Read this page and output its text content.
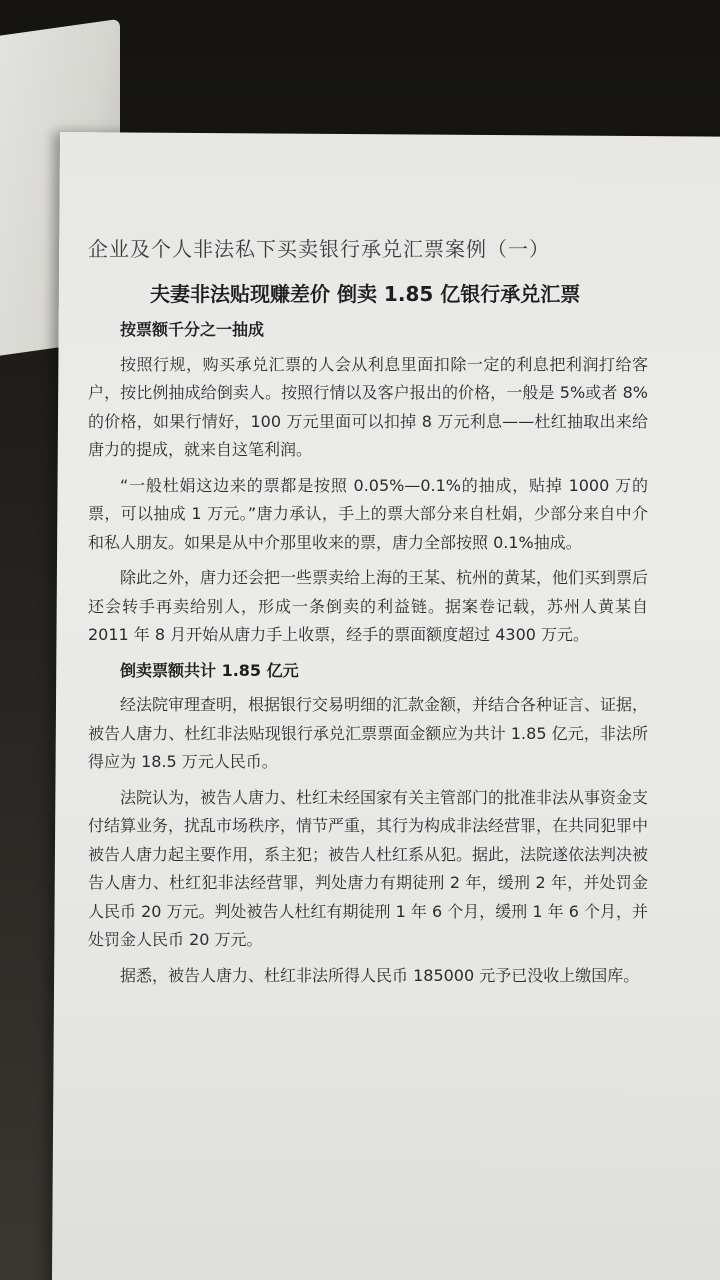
企业及个人非法私下买卖银行承兑汇票案例（一）
夫妻非法贴现赚差价 倒卖 1.85 亿银行承兑汇票
按票额千分之一抽成

按照行规，购买承兑汇票的人会从利息里面扣除一定的利息把利润打给客户，按比例抽成给倒卖人。按照行情以及客户报出的价格，一般是 5%或者 8%的价格，如果行情好，100 万元里面可以扣掉 8 万元利息——杜红抽取出来给唐力的提成，就来自这笔利润。

“一般杜娟这边来的票都是按照 0.05%—0.1%的抽成，贴掉 1000 万的票，可以抽成 1 万元。”唐力承认，手上的票大部分来自杜娟，少部分来自中介和私人朋友。如果是从中介那里收来的票，唐力全部按照 0.1%抽成。

除此之外，唐力还会把一些票卖给上海的王某、杭州的黄某，他们买到票后还会转手再卖给别人，形成一条倒卖的利益链。据案卷记载，苏州人黄某自 2011 年 8 月开始从唐力手上收票，经手的票面额度超过 4300 万元。

倒卖票额共计 1.85 亿元

经法院审理查明，根据银行交易明细的汇款金额，并结合各种证言、证据，被告人唐力、杜红非法贴现银行承兑汇票票面金额应为共计 1.85 亿元，非法所得应为 18.5 万元人民币。

法院认为，被告人唐力、杜红未经国家有关主管部门的批准非法从事资金支付结算业务，扰乱市场秩序，情节严重，其行为构成非法经营罪，在共同犯罪中被告人唐力起主要作用，系主犯；被告人杜红系从犯。据此，法院遂依法判决被告人唐力、杜红犯非法经营罪，判处唐力有期徒刑 2 年，缓刑 2 年，并处罚金人民币 20 万元。判处被告人杜红有期徒刑 1 年 6 个月，缓刑 1 年 6 个月，并处罚金人民币 20 万元。

据悉，被告人唐力、杜红非法所得人民币 185000 元予已没收上缴国库。
